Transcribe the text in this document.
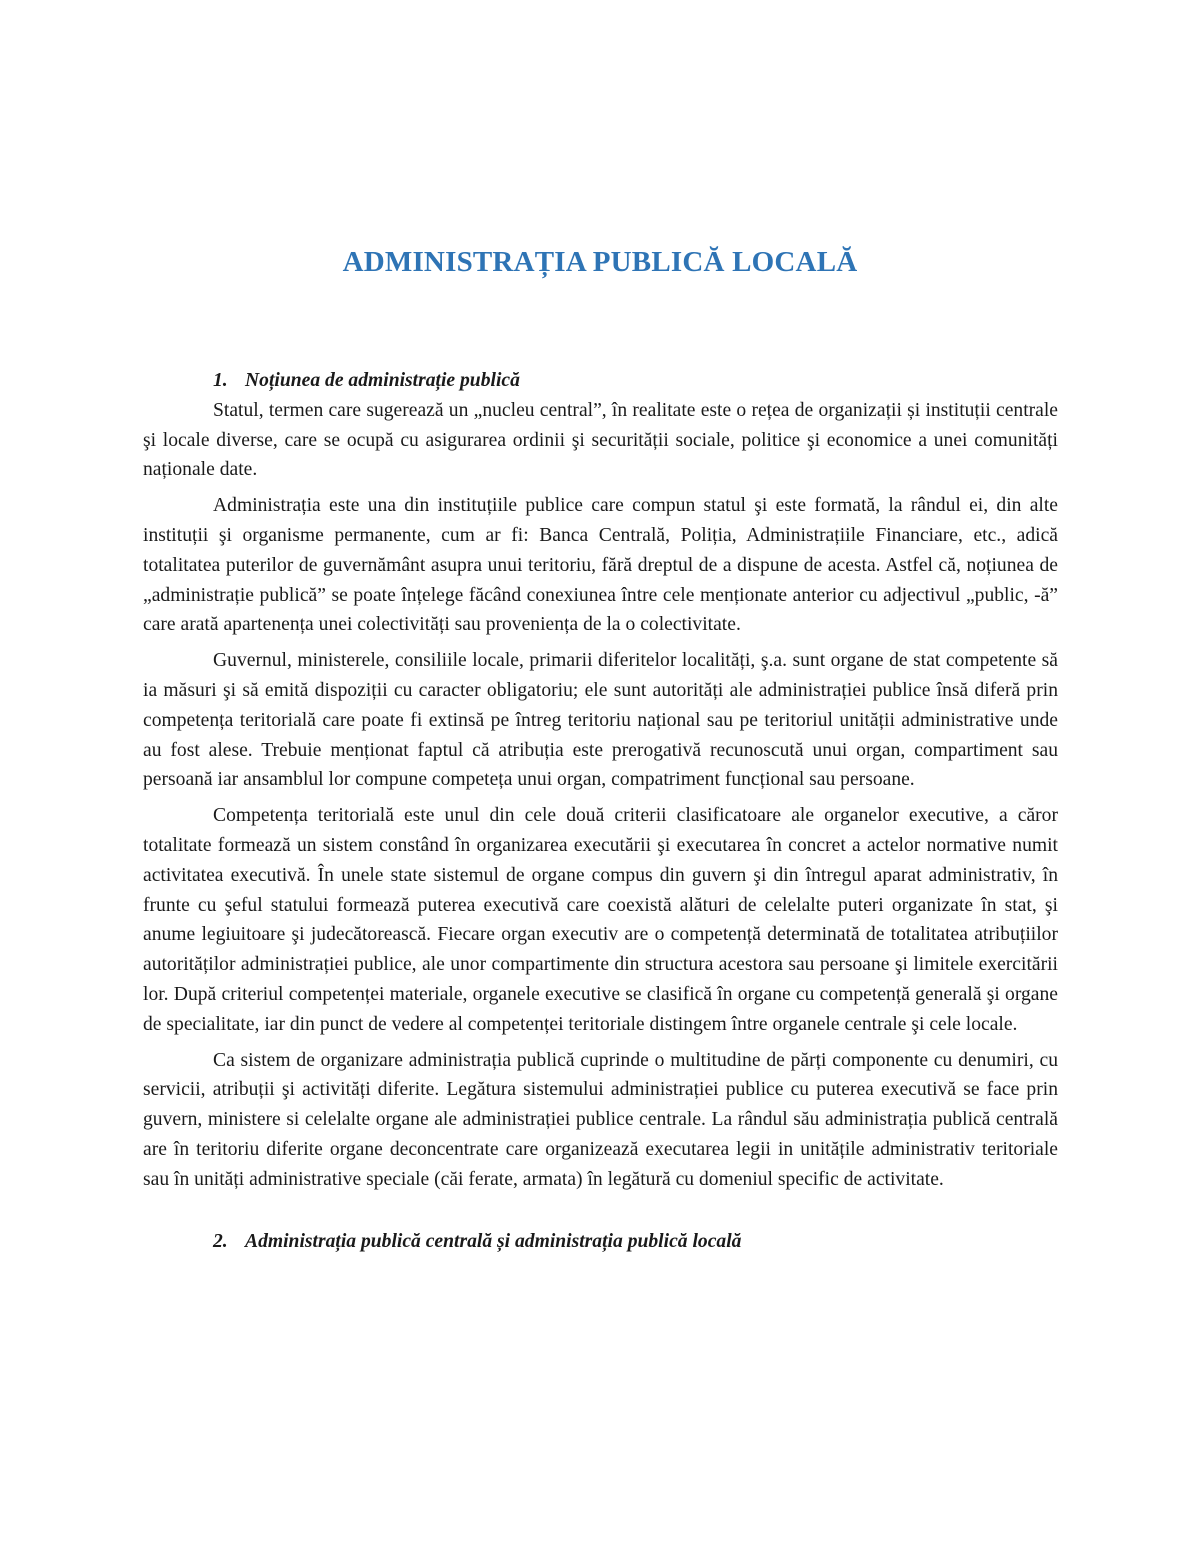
ADMINISTRAȚIA PUBLICĂ LOCALĂ
1. Noțiunea de administrație publică

Statul, termen care sugerează un „nucleu central”, în realitate este o rețea de organizații și instituții centrale şi locale diverse, care se ocupă cu asigurarea ordinii şi securității sociale, politice şi economice a unei comunități naționale date.

Administrația este una din instituțiile publice care compun statul şi este formată, la rândul ei, din alte instituții şi organisme permanente, cum ar fi: Banca Centrală, Poliția, Administrațiile Financiare, etc., adică totalitatea puterilor de guvernământ asupra unui teritoriu, fără dreptul de a dispune de acesta. Astfel că, noțiunea de „administrație publică” se poate înțelege făcând conexiunea între cele menționate anterior cu adjectivul „public, -ă” care arată apartenența unei colectivități sau proveniența de la o colectivitate.

Guvernul, ministerele, consiliile locale, primarii diferitelor localități, ş.a. sunt organe de stat competente să ia măsuri şi să emită dispoziții cu caracter obligatoriu; ele sunt autorități ale administrației publice însă diferă prin competența teritorială care poate fi extinsă pe întreg teritoriu național sau pe teritoriul unității administrative unde au fost alese. Trebuie menționat faptul că atribuția este prerogativă recunoscută unui organ, compartiment sau persoană iar ansamblul lor compune competeța unui organ, compatriment funcțional sau persoane.

Competența teritorială este unul din cele două criterii clasificatoare ale organelor executive, a căror totalitate formează un sistem constând în organizarea executării şi executarea în concret a actelor normative numit activitatea executivă. În unele state sistemul de organe compus din guvern şi din întregul aparat administrativ, în frunte cu şeful statului formează puterea executivă care coexistă alături de celelalte puteri organizate în stat, şi anume legiuitoare şi judecătorească. Fiecare organ executiv are o competență determinată de totalitatea atribuțiilor autorităților administrației publice, ale unor compartimente din structura acestora sau persoane şi limitele exercitării lor. După criteriul competenței materiale, organele executive se clasifică în organe cu competență generală şi organe de specialitate, iar din punct de vedere al competenței teritoriale distingem între organele centrale şi cele locale.

Ca sistem de organizare administrația publică cuprinde o multitudine de părți componente cu denumiri, cu servicii, atribuții şi activități diferite. Legătura sistemului administrației publice cu puterea executivă se face prin guvern, ministere si celelalte organe ale administrației publice centrale. La rândul său administrația publică centrală are în teritoriu diferite organe deconcentrate care organizează executarea legii in unitățile administrativ teritoriale sau în unități administrative speciale (căi ferate, armata) în legătură cu domeniul specific de activitate.

2. Administrația publică centrală și administrația publică locală
